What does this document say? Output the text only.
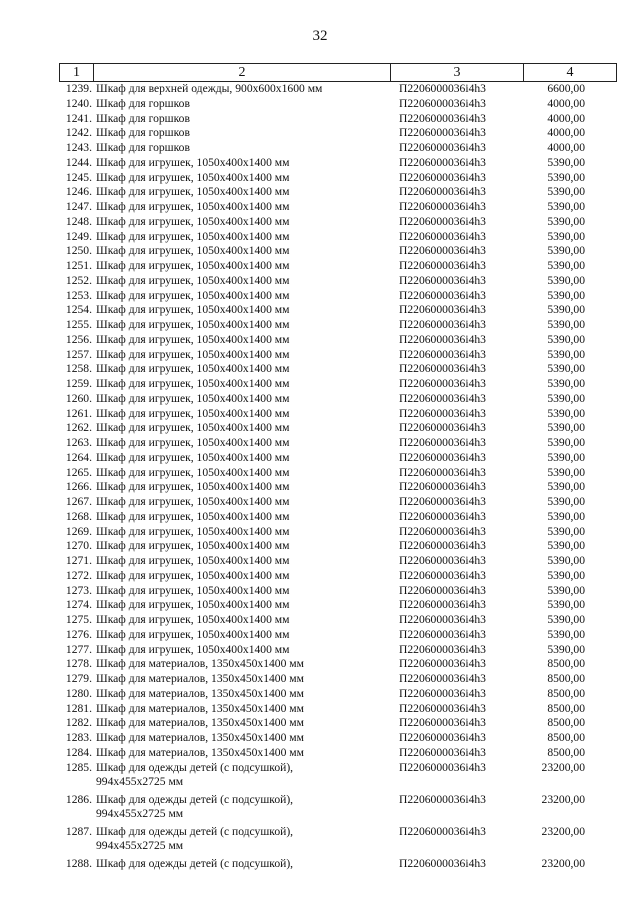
32
1	2	3	4
1239. Шкаф для верхней одежды, 900х600х1600 мм	П2206000036і4h3	6600,00
1240. Шкаф для горшков	П2206000036і4h3	4000,00
1241. Шкаф для горшков	П2206000036і4h3	4000,00
1242. Шкаф для горшков	П2206000036і4h3	4000,00
1243. Шкаф для горшков	П2206000036і4h3	4000,00
1244. Шкаф для игрушек, 1050х400х1400 мм	П2206000036і4h3	5390,00
1245. Шкаф для игрушек, 1050х400х1400 мм	П2206000036і4h3	5390,00
1246. Шкаф для игрушек, 1050х400х1400 мм	П2206000036і4h3	5390,00
1247. Шкаф для игрушек, 1050х400х1400 мм	П2206000036і4h3	5390,00
1248. Шкаф для игрушек, 1050х400х1400 мм	П2206000036і4h3	5390,00
1249. Шкаф для игрушек, 1050х400х1400 мм	П2206000036і4h3	5390,00
1250. Шкаф для игрушек, 1050х400х1400 мм	П2206000036і4h3	5390,00
1251. Шкаф для игрушек, 1050х400х1400 мм	П2206000036і4h3	5390,00
1252. Шкаф для игрушек, 1050х400х1400 мм	П2206000036і4h3	5390,00
1253. Шкаф для игрушек, 1050х400х1400 мм	П2206000036і4h3	5390,00
1254. Шкаф для игрушек, 1050х400х1400 мм	П2206000036і4h3	5390,00
1255. Шкаф для игрушек, 1050х400х1400 мм	П2206000036і4h3	5390,00
1256. Шкаф для игрушек, 1050х400х1400 мм	П2206000036і4h3	5390,00
1257. Шкаф для игрушек, 1050х400х1400 мм	П2206000036і4h3	5390,00
1258. Шкаф для игрушек, 1050х400х1400 мм	П2206000036і4h3	5390,00
1259. Шкаф для игрушек, 1050х400х1400 мм	П2206000036і4h3	5390,00
1260. Шкаф для игрушек, 1050х400х1400 мм	П2206000036і4h3	5390,00
1261. Шкаф для игрушек, 1050х400х1400 мм	П2206000036і4h3	5390,00
1262. Шкаф для игрушек, 1050х400х1400 мм	П2206000036і4h3	5390,00
1263. Шкаф для игрушек, 1050х400х1400 мм	П2206000036і4h3	5390,00
1264. Шкаф для игрушек, 1050х400х1400 мм	П2206000036і4h3	5390,00
1265. Шкаф для игрушек, 1050х400х1400 мм	П2206000036і4h3	5390,00
1266. Шкаф для игрушек, 1050х400х1400 мм	П2206000036і4h3	5390,00
1267. Шкаф для игрушек, 1050х400х1400 мм	П2206000036і4h3	5390,00
1268. Шкаф для игрушек, 1050х400х1400 мм	П2206000036і4h3	5390,00
1269. Шкаф для игрушек, 1050х400х1400 мм	П2206000036і4h3	5390,00
1270. Шкаф для игрушек, 1050х400х1400 мм	П2206000036і4h3	5390,00
1271. Шкаф для игрушек, 1050х400х1400 мм	П2206000036і4h3	5390,00
1272. Шкаф для игрушек, 1050х400х1400 мм	П2206000036і4h3	5390,00
1273. Шкаф для игрушек, 1050х400х1400 мм	П2206000036і4h3	5390,00
1274. Шкаф для игрушек, 1050х400х1400 мм	П2206000036і4h3	5390,00
1275. Шкаф для игрушек, 1050х400х1400 мм	П2206000036і4h3	5390,00
1276. Шкаф для игрушек, 1050х400х1400 мм	П2206000036і4h3	5390,00
1277. Шкаф для игрушек, 1050х400х1400 мм	П2206000036і4h3	5390,00
1278. Шкаф для материалов, 1350х450х1400 мм	П2206000036і4h3	8500,00
1279. Шкаф для материалов, 1350х450х1400 мм	П2206000036і4h3	8500,00
1280. Шкаф для материалов, 1350х450х1400 мм	П2206000036і4h3	8500,00
1281. Шкаф для материалов, 1350х450х1400 мм	П2206000036і4h3	8500,00
1282. Шкаф для материалов, 1350х450х1400 мм	П2206000036і4h3	8500,00
1283. Шкаф для материалов, 1350х450х1400 мм	П2206000036і4h3	8500,00
1284. Шкаф для материалов, 1350х450х1400 мм	П2206000036і4h3	8500,00
1285. Шкаф для одежды детей (с подсушкой),
994х455х2725 мм
П2206000036і4h3	23200,00
1286. Шкаф для одежды детей (с подсушкой),
994х455х2725 мм
П2206000036і4h3	23200,00
1287. Шкаф для одежды детей (с подсушкой),
994х455х2725 мм
П2206000036і4h3	23200,00
1288. Шкаф для одежды детей (с подсушкой),	П2206000036і4h3	23200,00
